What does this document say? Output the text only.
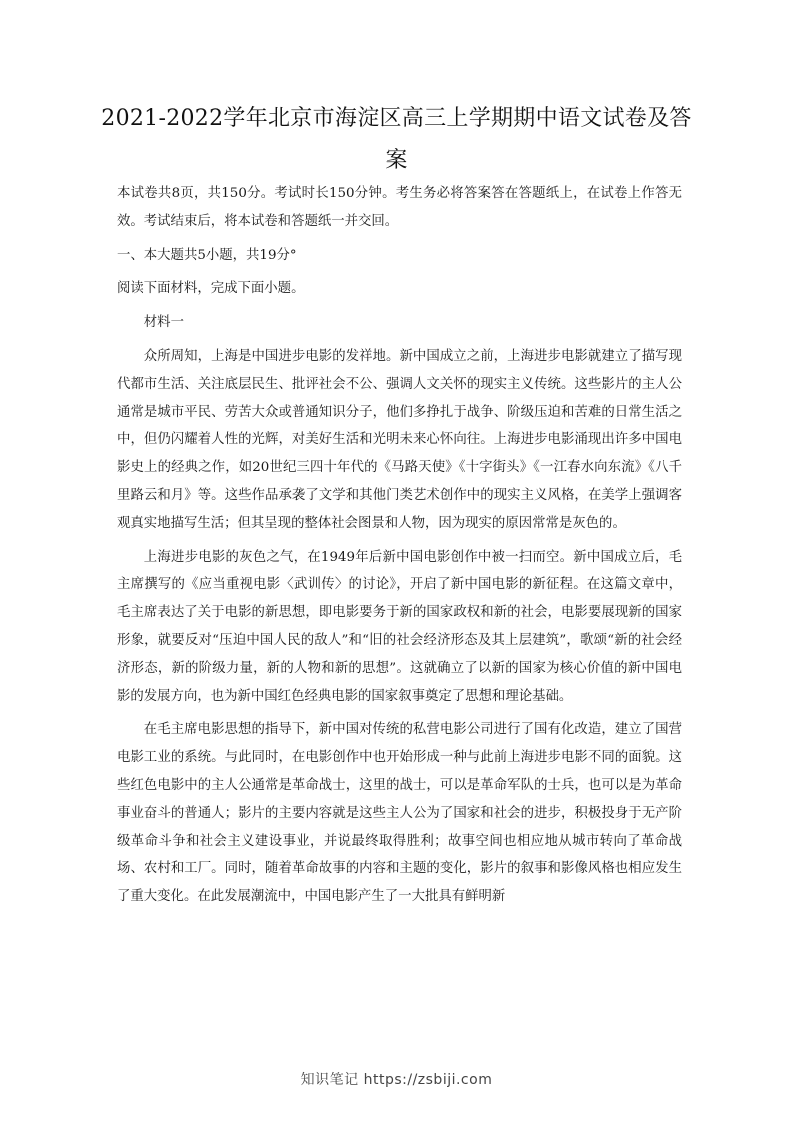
2021-2022学年北京市海淀区高三上学期期中语文试卷及答案

本试卷共8页，共150分。考试时长150分钟。考生务必将答案答在答题纸上，在试卷上作答无效。考试结束后，将本试卷和答题纸一并交回。

一、本大题共5小题，共19分°

阅读下面材料，完成下面小题。

材料一

众所周知，上海是中国进步电影的发祥地。新中国成立之前，上海进步电影就建立了描写现代都市生活、关注底层民生、批评社会不公、强调人文关怀的现实主义传统。这些影片的主人公通常是城市平民、劳苦大众或普通知识分子，他们多挣扎于战争、阶级压迫和苦难的日常生活之中，但仍闪耀着人性的光辉，对美好生活和光明未来心怀向往。上海进步电影涌现出许多中国电影史上的经典之作，如20世纪三四十年代的《马路天使》《十字街头》《一江春水向东流》《八千里路云和月》等。这些作品承袭了文学和其他门类艺术创作中的现实主义风格，在美学上强调客观真实地描写生活；但其呈现的整体社会图景和人物，因为现实的原因常常是灰色的。

上海进步电影的灰色之气，在1949年后新中国电影创作中被一扫而空。新中国成立后，毛主席撰写的《应当重视电影〈武训传〉的讨论》，开启了新中国电影的新征程。在这篇文章中，毛主席表达了关于电影的新思想，即电影要务于新的国家政权和新的社会，电影要展现新的国家形象，就要反对“压迫中国人民的敌人”和“旧的社会经济形态及其上层建筑”，歌颂“新的社会经济形态，新的阶级力量，新的人物和新的思想”。这就确立了以新的国家为核心价值的新中国电影的发展方向，也为新中国红色经典电影的国家叙事奠定了思想和理论基础。

在毛主席电影思想的指导下，新中国对传统的私营电影公司进行了国有化改造，建立了国营电影工业的系统。与此同时，在电影创作中也开始形成一种与此前上海进步电影不同的面貌。这些红色电影中的主人公通常是革命战士，这里的战士，可以是革命军队的士兵，也可以是为革命事业奋斗的普通人；影片的主要内容就是这些主人公为了国家和社会的进步，积极投身于无产阶级革命斗争和社会主义建设事业，并说最终取得胜利；故事空间也相应地从城市转向了革命战场、农村和工厂。同时，随着革命故事的内容和主题的变化，影片的叙事和影像风格也相应发生了重大变化。在此发展潮流中，中国电影产生了一大批具有鲜明新

知识笔记 https://zsbiji.com
